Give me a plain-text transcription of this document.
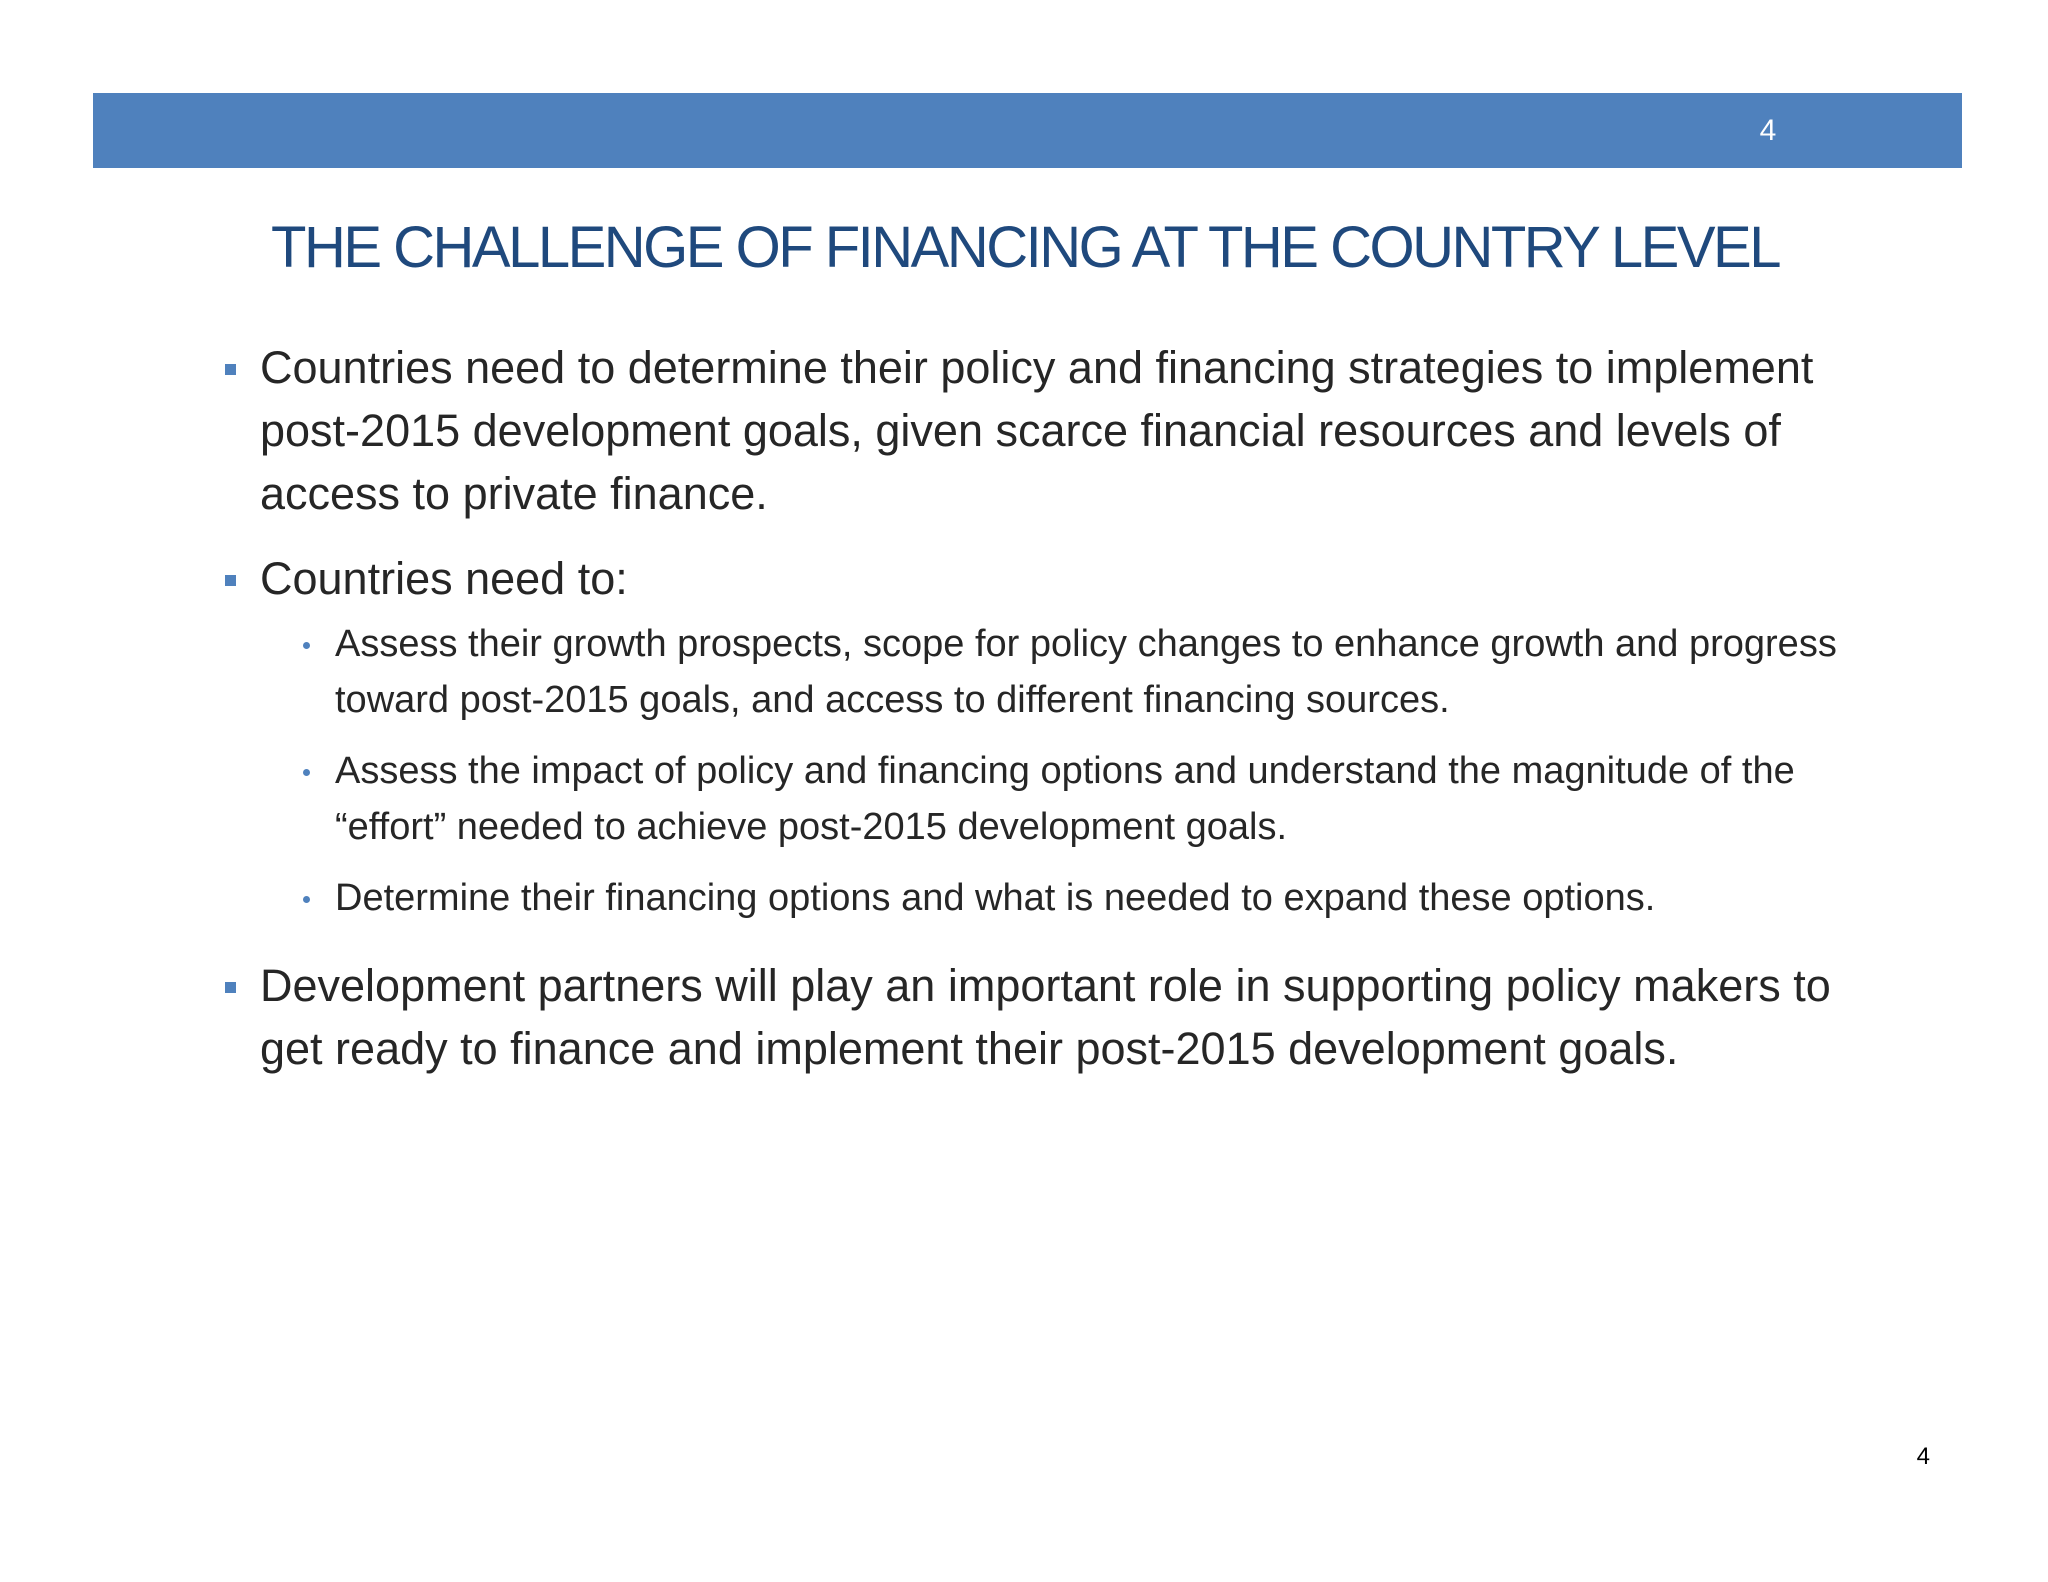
4
THE CHALLENGE OF FINANCING AT THE COUNTRY LEVEL
Countries need to determine their policy and financing strategies to implement post-2015 development goals, given scarce financial resources and levels of access to private finance.
Countries need to:
Assess their growth prospects, scope for policy changes to enhance growth and progress toward post-2015 goals, and access to different financing sources.
Assess the impact of policy and financing options and understand the magnitude of the “effort” needed to achieve post-2015 development goals.
Determine their financing options and what is needed to expand these options.
Development partners will play an important role in supporting policy makers to get ready to finance and implement their post-2015 development goals.
4
